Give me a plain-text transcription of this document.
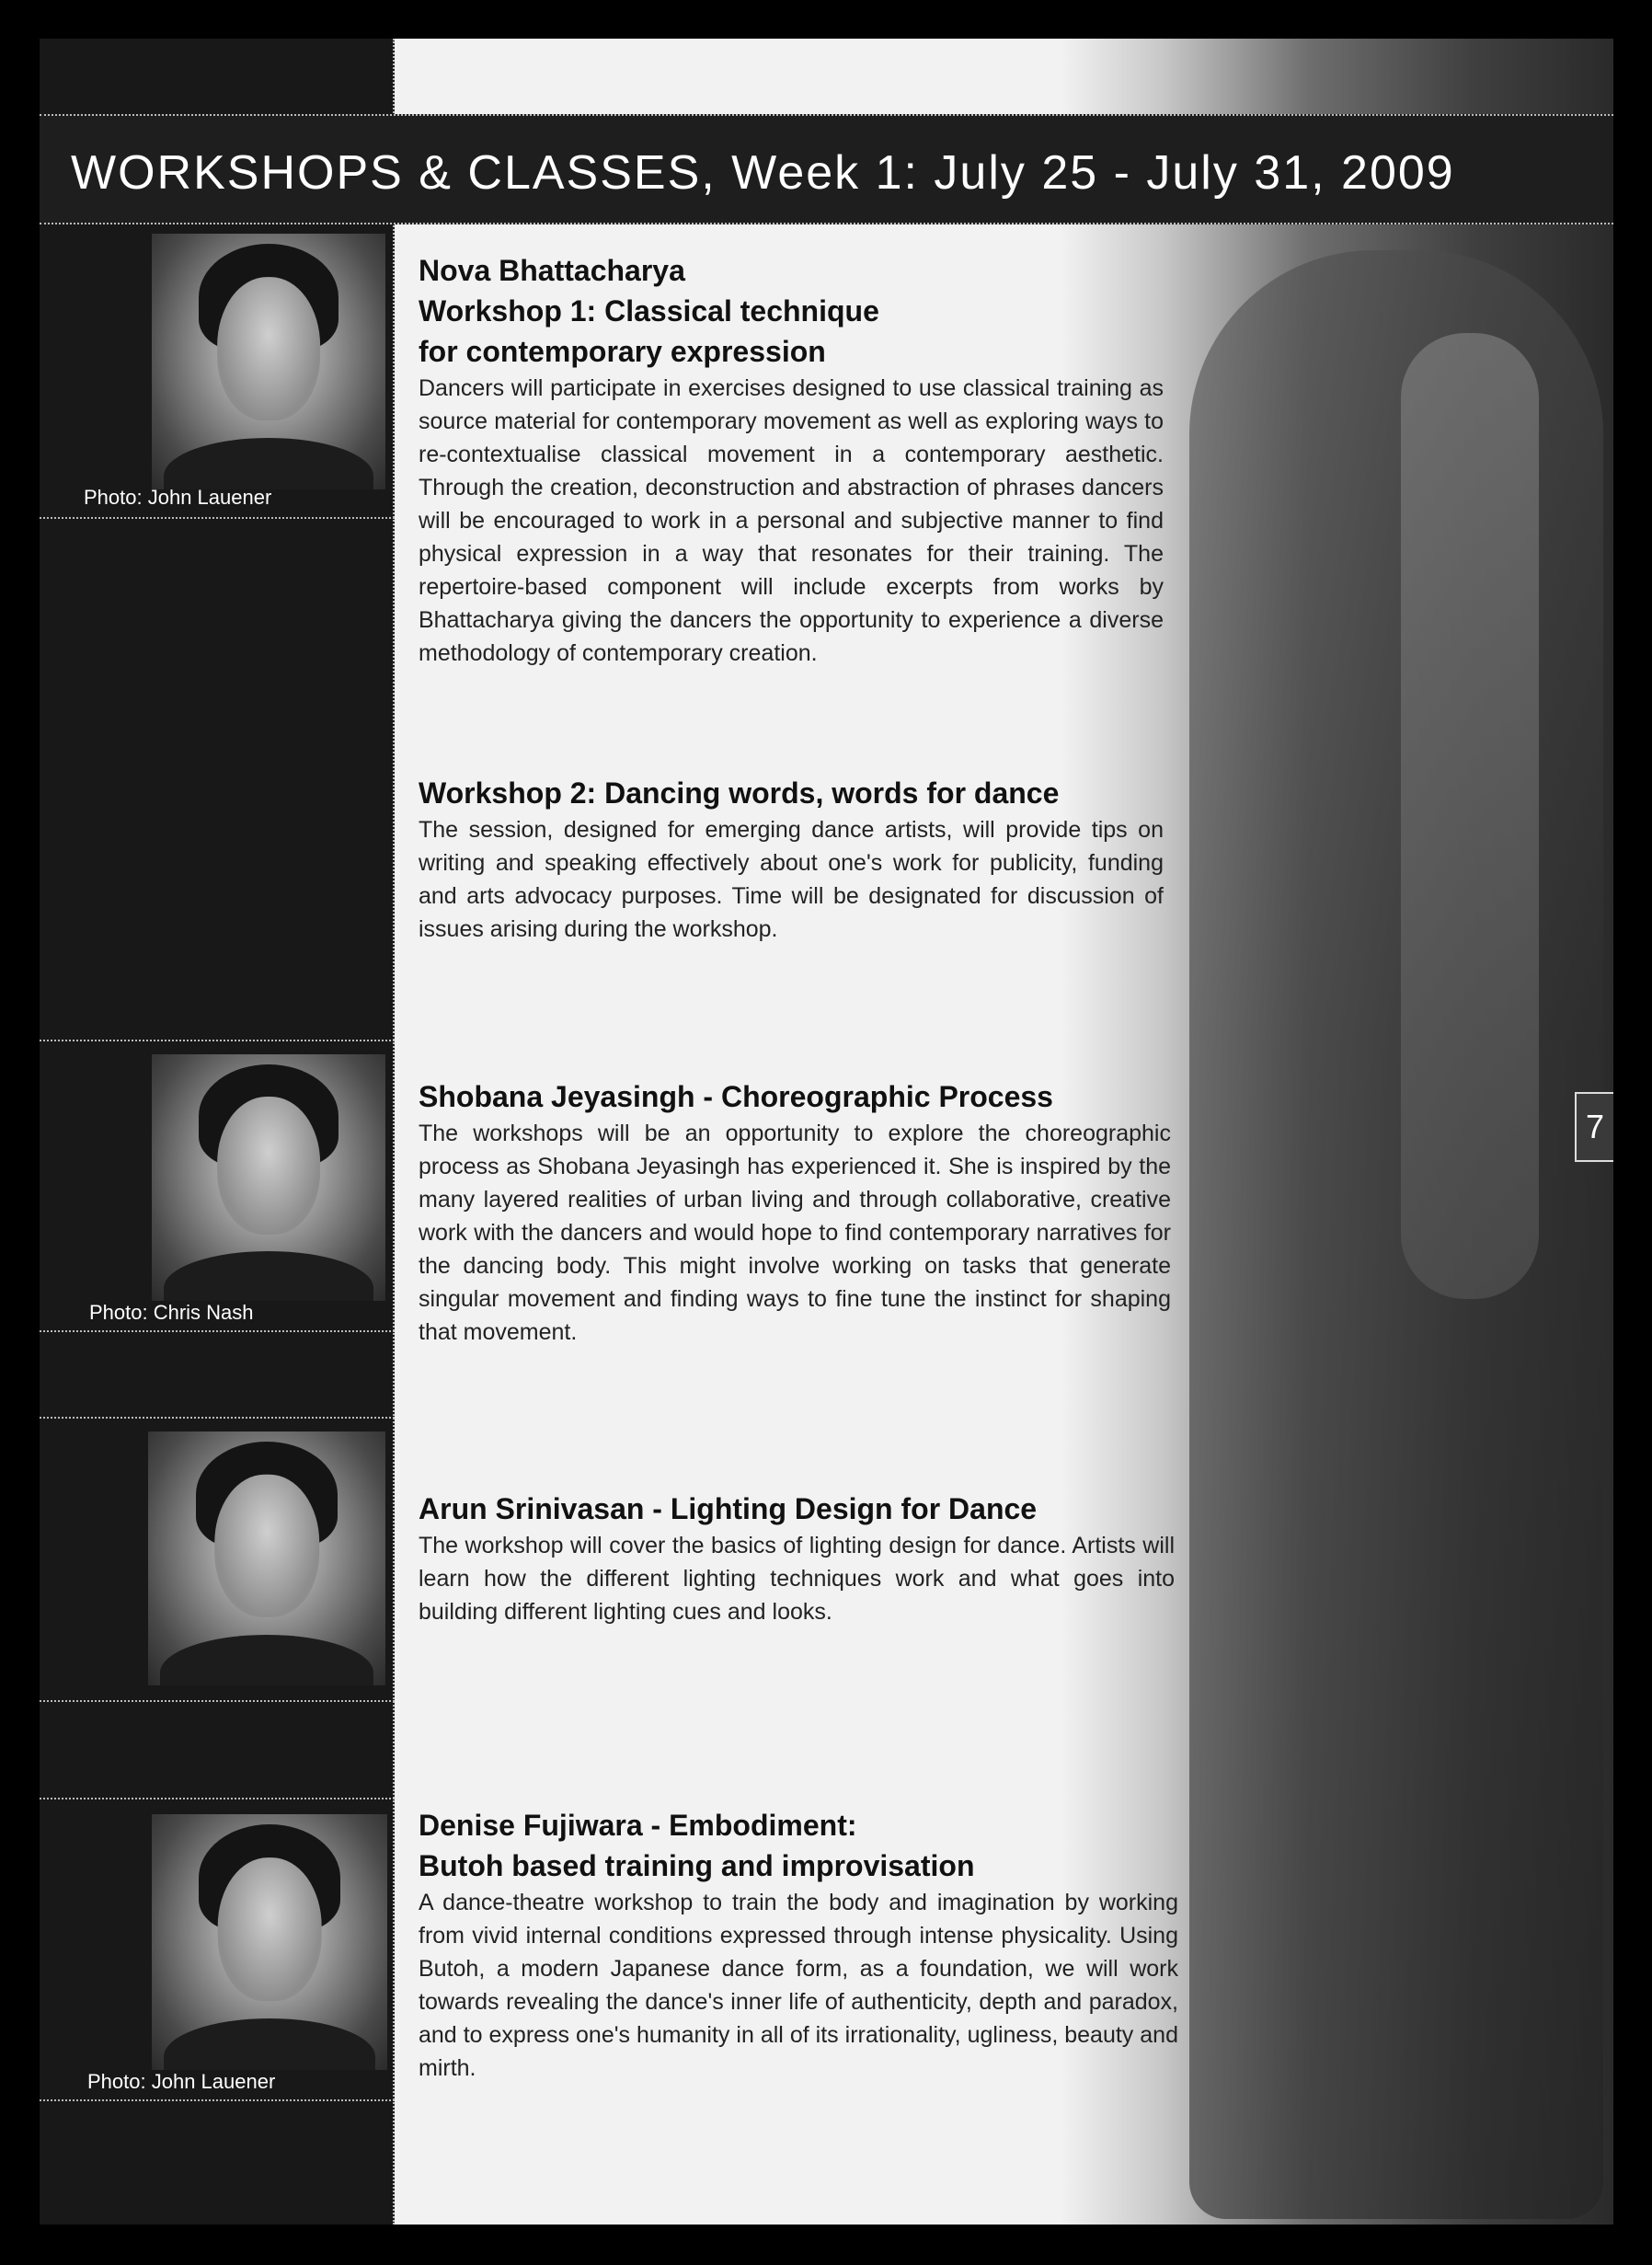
WORKSHOPS & CLASSES, Week 1: July 25 - July 31, 2009
7
Photo: John Lauener
Photo: Chris Nash
Photo: John Lauener
Nova Bhattacharya
Workshop 1: Classical technique
for contemporary expression

Dancers will participate in exercises designed to use classical training as source material for contemporary movement as well as exploring ways to re-contextualise classical movement in a contemporary aesthetic. Through the creation, deconstruction and abstraction of phrases dancers will be encouraged to work in a personal and subjective manner to find physical expression in a way that resonates for their training. The repertoire-based component will include excerpts from works by Bhattacharya giving the dancers the opportunity to experience a diverse methodology of contemporary creation.

Workshop 2: Dancing words, words for dance

The session, designed for emerging dance artists, will provide tips on writing and speaking effectively about one's work for publicity, funding and arts advocacy purposes. Time will be designated for discussion of issues arising during the workshop.

Shobana Jeyasingh - Choreographic Process

The workshops will be an opportunity to explore the choreographic process as Shobana Jeyasingh has experienced it. She is inspired by the many layered realities of urban living and through collaborative, creative work with the dancers and would hope to find contemporary narratives for the dancing body. This might involve working on tasks that generate singular movement and finding ways to fine tune the instinct for shaping that movement.

Arun Srinivasan - Lighting Design for Dance

The workshop will cover the basics of lighting design for dance. Artists will learn how the different lighting techniques work and what goes into building different lighting cues and looks.

Denise Fujiwara - Embodiment:
Butoh based training and improvisation

A dance-theatre workshop to train the body and imagination by working from vivid internal conditions expressed through intense physicality. Using Butoh, a modern Japanese dance form, as a foundation, we will work towards revealing the dance's inner life of authenticity, depth and paradox, and to express one's humanity in all of its irrationality, ugliness, beauty and mirth.
